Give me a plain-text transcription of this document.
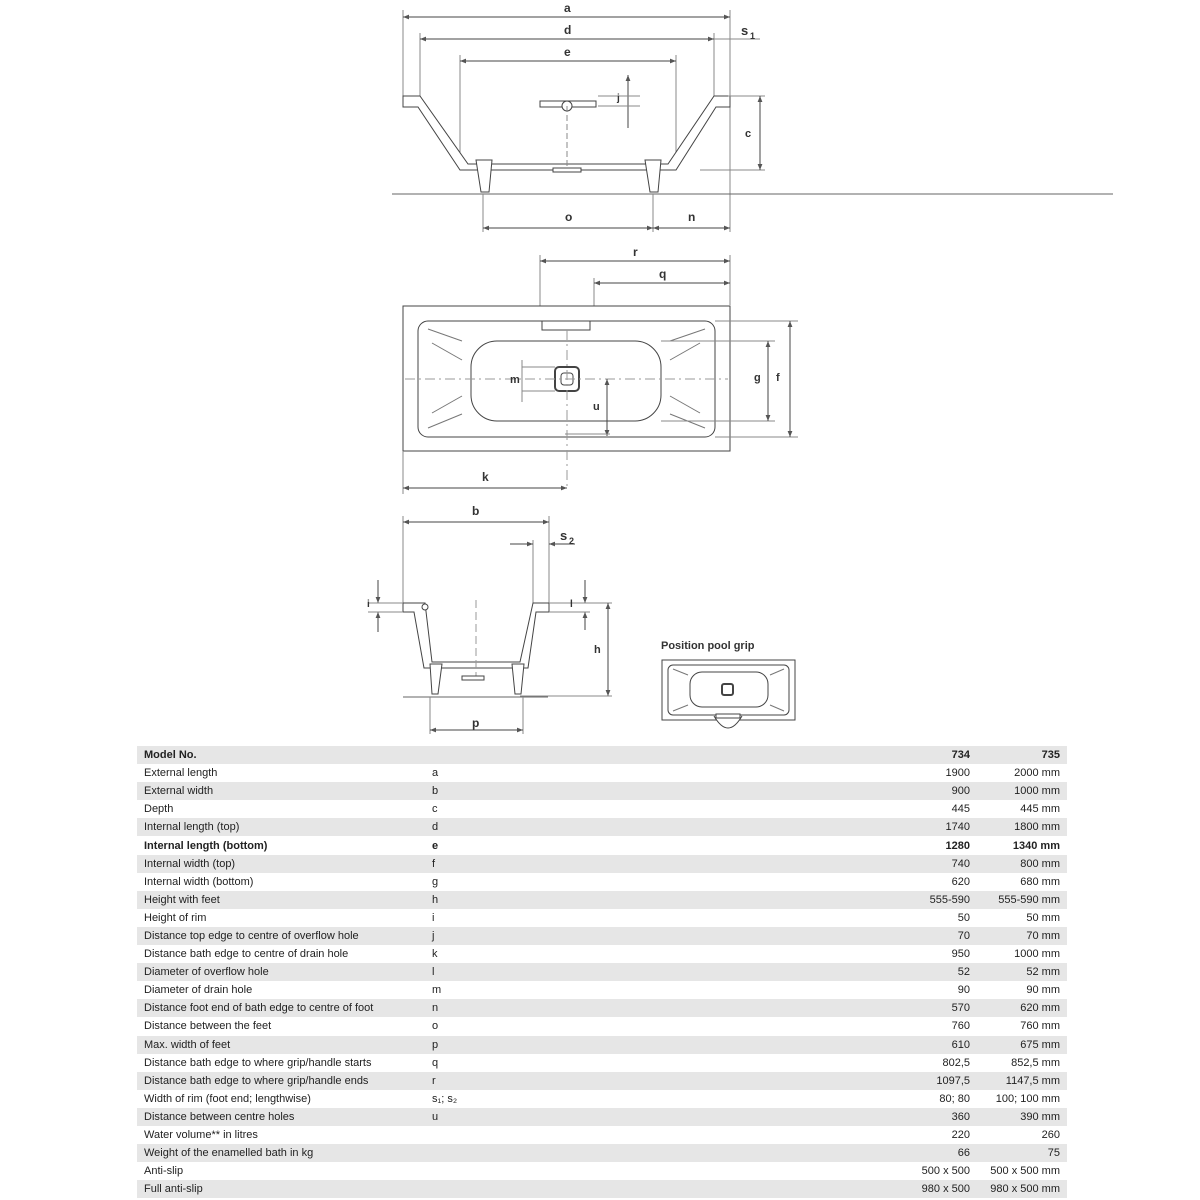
a
d	s 1
e
j
c
o	n
r
q
m
u
g f
k
b
s 2
i	l
h
p
Position pool grip
Model No.		734	735
External length	a	1900	2000 mm
External width	b	900	1000 mm
Depth	c	445	445 mm
Internal length (top)	d	1740	1800 mm
Internal length (bottom)	e	1280	1340 mm
Internal width (top)	f	740	800 mm
Internal width (bottom)	g	620	680 mm
Height with feet	h	555-590	555-590 mm
Height of rim	i	50	50 mm
Distance top edge to centre of overflow hole	j	70	70 mm
Distance bath edge to centre of drain hole	k	950	1000 mm
Diameter of overflow hole	l	52	52 mm
Diameter of drain hole	m	90	90 mm
Distance foot end of bath edge to centre of foot	n	570	620 mm
Distance between the feet	o	760	760 mm
Max. width of feet	p	610	675 mm
Distance bath edge to where grip/handle starts	q	802,5	852,5 mm
Distance bath edge to where grip/handle ends	r	1097,5	1147,5 mm
Width of rim (foot end; lengthwise)	s₁; s₂	80; 80	100; 100 mm
Distance between centre holes	u	360	390 mm
Water volume** in litres		220	260
Weight of the enamelled bath in kg		66	75
Anti-slip		500 x 500	500 x 500 mm
Full anti-slip		980 x 500	980 x 500 mm
